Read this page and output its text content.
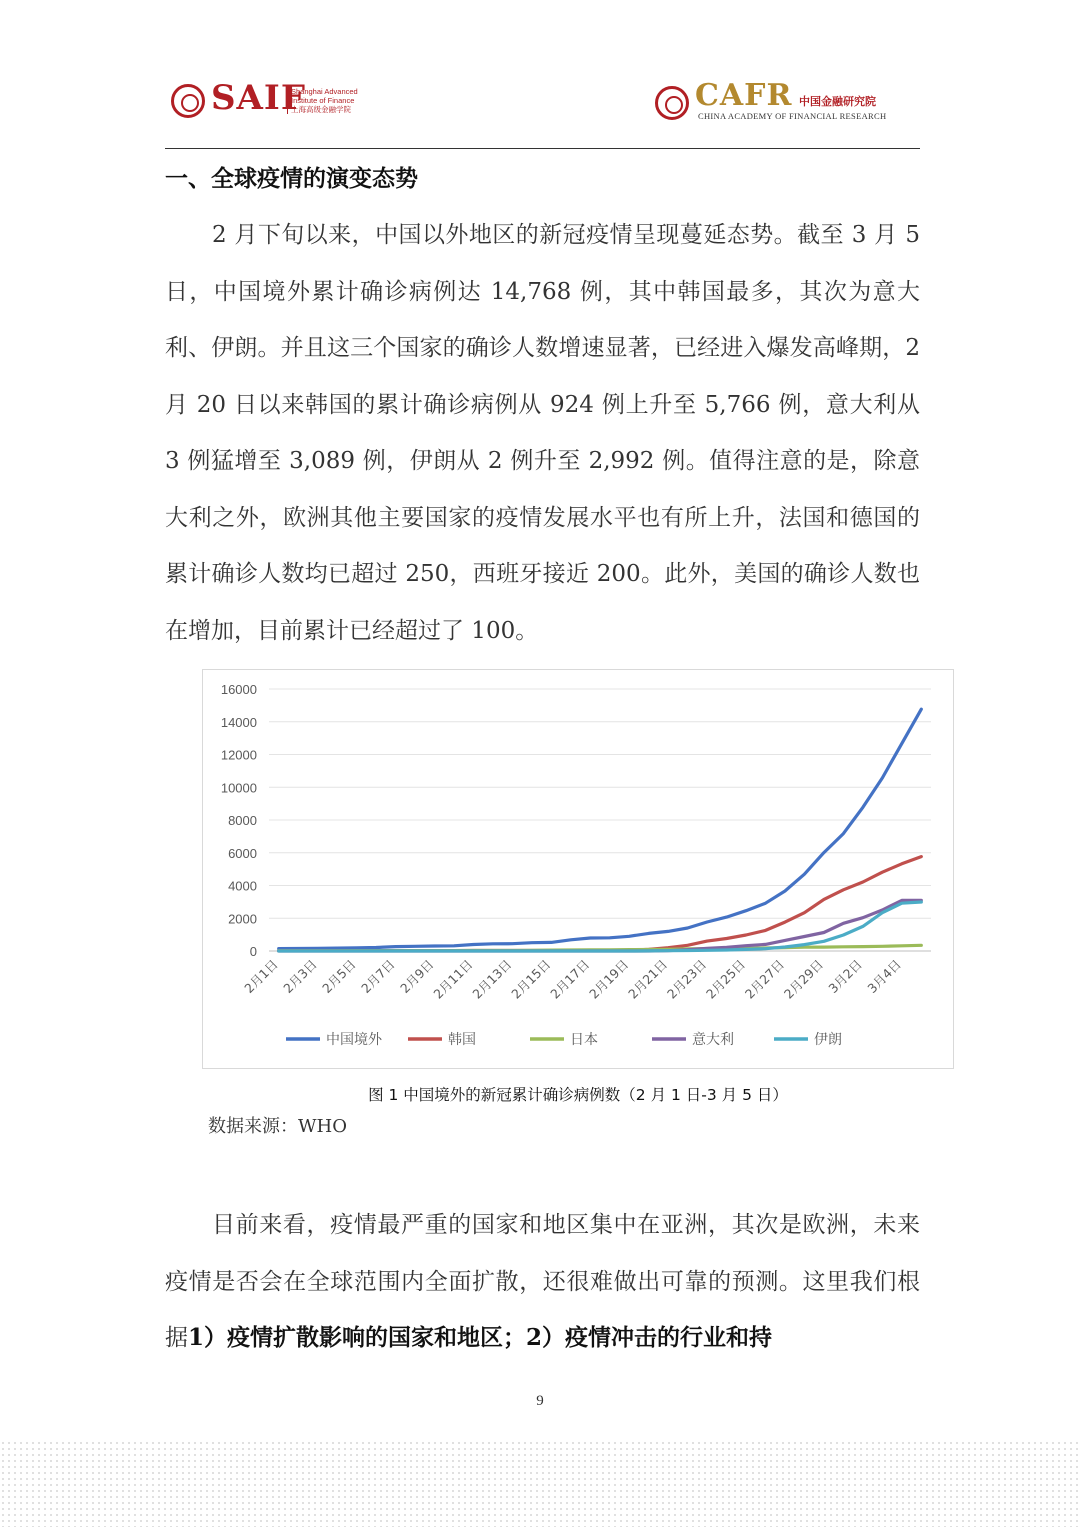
SAIF
Shanghai Advanced
Institute of Finance
上海高级金融学院	CAFR 中国金融研究院
CHINA ACADEMY OF FINANCIAL RESEARCH
一、全球疫情的演变态势

2 月下旬以来，中国以外地区的新冠疫情呈现蔓延态势。截至 3 月 5 日，中国境外累计确诊病例达 14,768 例，其中韩国最多，其次为意大利、伊朗。并且这三个国家的确诊人数增速显著，已经进入爆发高峰期，2 月 20 日以来韩国的累计确诊病例从 924 例上升至 5,766 例，意大利从 3 例猛增至 3,089 例，伊朗从 2 例升至 2,992 例。值得注意的是，除意大利之外，欧洲其他主要国家的疫情发展水平也有所上升，法国和德国的累计确诊人数均已超过 250，西班牙接近 200。此外，美国的确诊人数也在增加，目前累计已经超过了 100。

0
2000
4000
6000
8000
10000
12000
14000
16000
2月1日 2月3日 2月5日 2月7日 2月9日
2月11日
2月13日
2月15日
2月17日
2月19日
2月21日
2月23日
2月25日
2月27日
2月29日 3月2日 3月4日
中国境外	韩国	日本	意大利	伊朗
图 1 中国境外的新冠累计确诊病例数（2 月 1 日-3 月 5 日）
数据来源：WHO

目前来看，疫情最严重的国家和地区集中在亚洲，其次是欧洲，未来疫情是否会在全球范围内全面扩散，还很难做出可靠的预测。这里我们根据1）疫情扩散影响的国家和地区；2）疫情冲击的行业和持

9
